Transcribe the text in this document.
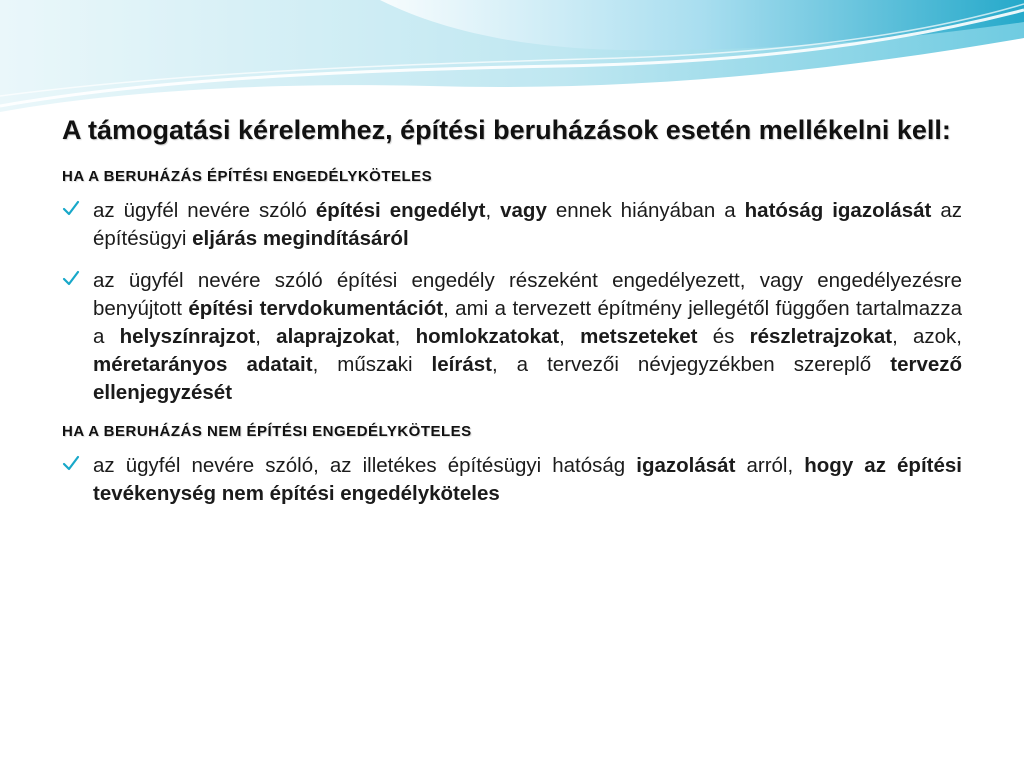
A támogatási kérelemhez, építési beruházások esetén mellékelni kell:
HA A BERUHÁZÁS ÉPÍTÉSI ENGEDÉLYKÖTELES
az ügyfél nevére szóló építési engedélyt, vagy ennek hiányában a hatóság igazolását az építésügyi eljárás megindításáról
az ügyfél nevére szóló építési engedély részeként engedélyezett, vagy engedélyezésre benyújtott építési tervdokumentációt, ami a tervezett építmény jellegétől függően tartalmazza a helyszínrajzot, alaprajzokat, homlokzatokat, metszeteket és részletrajzokat, azok, méretarányos adatait, műszaki leírást, a tervezői névjegyzékben szereplő tervező ellenjegyzését
HA A BERUHÁZÁS NEM ÉPÍTÉSI ENGEDÉLYKÖTELES
az ügyfél nevére szóló, az illetékes építésügyi hatóság igazolását arról, hogy az építési tevékenység nem építési engedélyköteles
